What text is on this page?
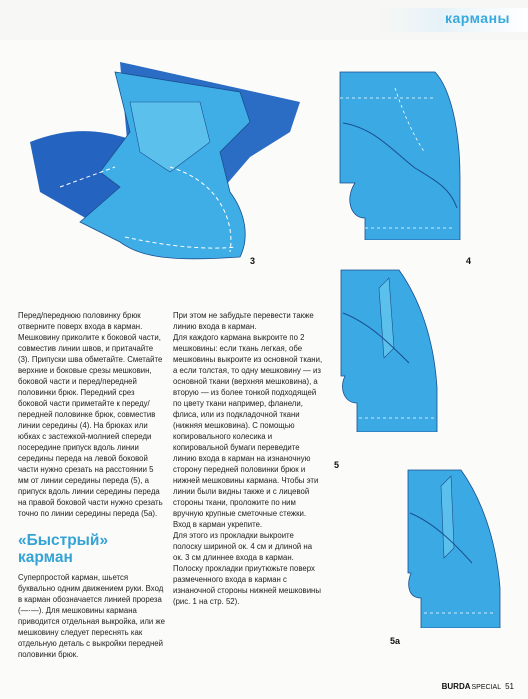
карманы
3	4
5
5a

Перед/переднюю половинку брюк отверните поверх входа в карман. Мешковину приколите к боковой части, совместив линии швов, и притачайте (3). Припуски шва обметайте. Сметайте верхние и боковые срезы мешковин, боковой части и перед/передней половинки брюк. Передний срез боковой части приметайте к переду/передней половинке брюк, совместив линии середины (4). На брюках или юбках с застежкой-молнией спереди посередине припуск вдоль линии середины переда на левой боковой части нужно срезать на расстоянии 5 мм от линии середины переда (5), а припуск вдоль линии середины переда на правой боковой части нужно срезать точно по линии середины переда (5а).

«Быстрый»
карман

Суперпростой карман, шьется буквально одним движением руки. Вход в карман обозначается линией прореза (—·—). Для мешковины кармана приводится отдельная выкройка, или же мешковину следует переснять как отдельную деталь с выкройки передней половинки брюк.

При этом не забудьте перевести также линию входа в карман.

Для каждого кармана выкроите по 2 мешковины: если ткань легкая, обе мешковины выкроите из основной ткани, а если толстая, то одну мешковину — из основной ткани (верхняя мешковина), а вторую — из более тонкой подходящей по цвету ткани например, фланели, флиса, или из подкладочной ткани (нижняя мешковина). С помощью копировального колесика и копировальной бумаги переведите линию входа в карман на изнаночную сторону передней половинки брюк и нижней мешковины кармана. Чтобы эти линии были видны также и с лицевой стороны ткани, проложите по ним вручную крупные сметочные стежки. Вход в карман укрепите.

Для этого из прокладки выкроите полоску шириной ок. 4 см и длиной на ок. 3 см длиннее входа в карман. Полоску прокладки приутюжьте поверх размеченного входа в карман с изнаночной стороны нижней мешковины (рис. 1 на стр. 52).

BURDASPECIAL 51
